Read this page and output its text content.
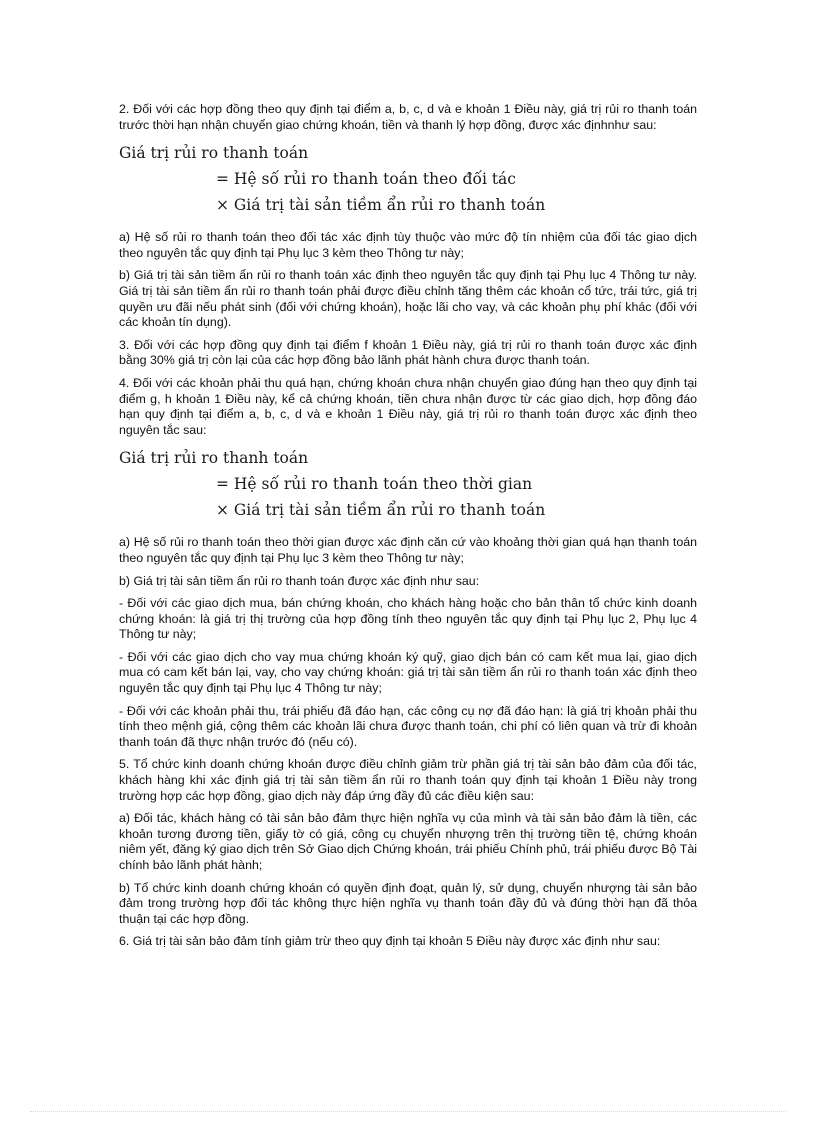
2. Đối với các hợp đồng theo quy định tại điểm a, b, c, d và e khoản 1 Điều này, giá trị rủi ro thanh toán trước thời hạn nhận chuyển giao chứng khoán, tiền và thanh lý hợp đồng, được xác địnhnhư sau:

Giá trị rủi ro thanh toán
= Hệ số rủi ro thanh toán theo đối tác
× Giá trị tài sản tiềm ẩn rủi ro thanh toán

a) Hệ số rủi ro thanh toán theo đối tác xác định tùy thuộc vào mức độ tín nhiệm của đối tác giao dịch theo nguyên tắc quy định tại Phụ lục 3 kèm theo Thông tư này;

b) Giá trị tài sản tiềm ẩn rủi ro thanh toán xác định theo nguyên tắc quy định tại Phụ lục 4 Thông tư này. Giá trị tài sản tiềm ẩn rủi ro thanh toán phải được điều chỉnh tăng thêm các khoản cổ tức, trái tức, giá trị quyền ưu đãi nếu phát sinh (đối với chứng khoán), hoặc lãi cho vay, và các khoản phụ phí khác (đối với các khoản tín dụng).

3. Đối với các hợp đồng quy định tại điểm f khoản 1 Điều này, giá trị rủi ro thanh toán được xác định bằng 30% giá trị còn lại của các hợp đồng bảo lãnh phát hành chưa được thanh toán.

4. Đối với các khoản phải thu quá hạn, chứng khoán chưa nhận chuyển giao đúng hạn theo quy định tại điểm g, h khoản 1 Điều này, kể cả chứng khoán, tiền chưa nhận được từ các giao dịch, hợp đồng đáo hạn quy định tại điểm a, b, c, d và e khoản 1 Điều này, giá trị rủi ro thanh toán được xác định theo nguyên tắc sau:

Giá trị rủi ro thanh toán
= Hệ số rủi ro thanh toán theo thời gian
× Giá trị tài sản tiềm ẩn rủi ro thanh toán

a) Hệ số rủi ro thanh toán theo thời gian được xác định căn cứ vào khoảng thời gian quá hạn thanh toán theo nguyên tắc quy định tại Phụ lục 3 kèm theo Thông tư này;

b) Giá trị tài sản tiềm ẩn rủi ro thanh toán được xác định như sau:

- Đối với các giao dịch mua, bán chứng khoán, cho khách hàng hoặc cho bản thân tổ chức kinh doanh chứng khoán: là giá trị thị trường của hợp đồng tính theo nguyên tắc quy định tại Phụ lục 2, Phụ lục 4 Thông tư này;

- Đối với các giao dịch cho vay mua chứng khoán ký quỹ, giao dịch bán có cam kết mua lại, giao dịch mua có cam kết bán lại, vay, cho vay chứng khoán: giá trị tài sản tiềm ẩn rủi ro thanh toán xác định theo nguyên tắc quy định tại Phụ lục 4 Thông tư này;

- Đối với các khoản phải thu, trái phiếu đã đáo hạn, các công cụ nợ đã đáo hạn: là giá trị khoản phải thu tính theo mệnh giá, cộng thêm các khoản lãi chưa được thanh toán, chi phí có liên quan và trừ đi khoản thanh toán đã thực nhận trước đó (nếu có).

5. Tổ chức kinh doanh chứng khoán được điều chỉnh giảm trừ phần giá trị tài sản bảo đảm của đối tác, khách hàng khi xác định giá trị tài sản tiềm ẩn rủi ro thanh toán quy định tại khoản 1 Điều này trong trường hợp các hợp đồng, giao dịch này đáp ứng đầy đủ các điều kiện sau:

a) Đối tác, khách hàng có tài sản bảo đảm thực hiện nghĩa vụ của mình và tài sản bảo đảm là tiền, các khoản tương đương tiền, giấy tờ có giá, công cụ chuyển nhượng trên thị trường tiền tệ, chứng khoán niêm yết, đăng ký giao dịch trên Sở Giao dịch Chứng khoán, trái phiếu Chính phủ, trái phiếu được Bộ Tài chính bảo lãnh phát hành;

b) Tổ chức kinh doanh chứng khoán có quyền định đoạt, quản lý, sử dụng, chuyển nhượng tài sản bảo đảm trong trường hợp đối tác không thực hiện nghĩa vụ thanh toán đầy đủ và đúng thời hạn đã thỏa thuận tại các hợp đồng.

6. Giá trị tài sản bảo đảm tính giảm trừ theo quy định tại khoản 5 Điều này được xác định như sau:
